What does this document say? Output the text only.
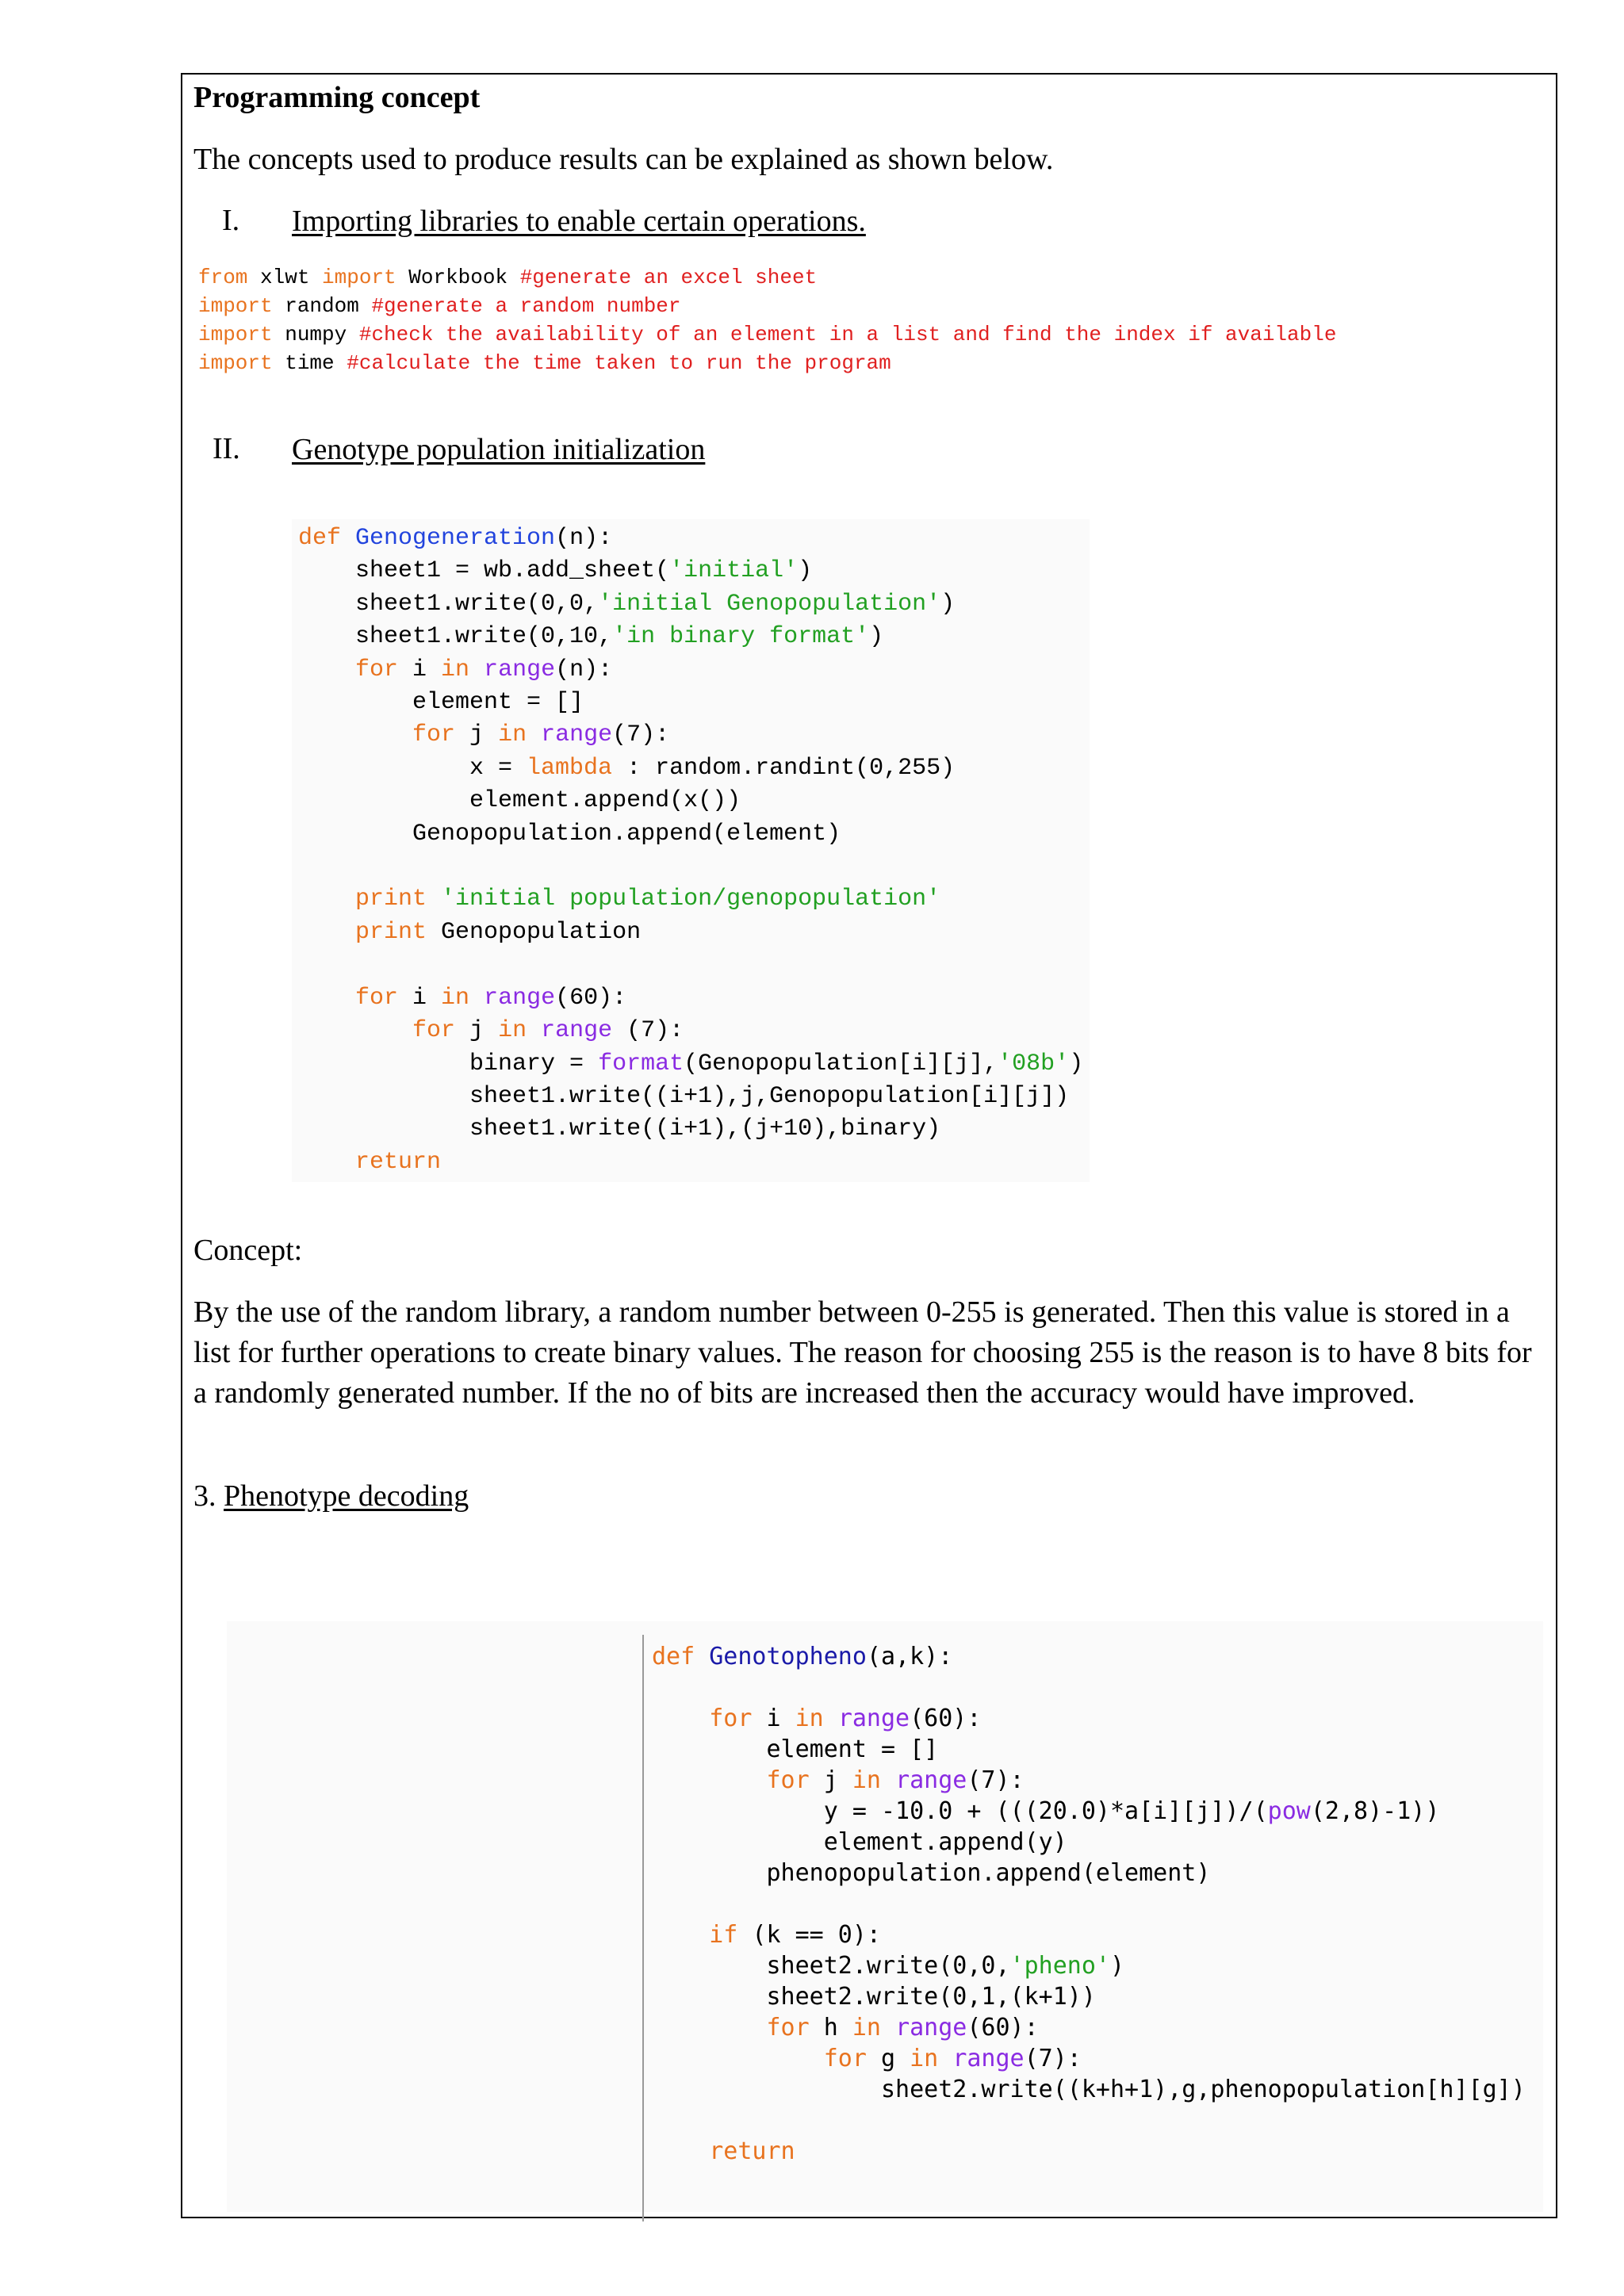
Programming concept
The concepts used to produce results can be explained as shown below.
I. Importing libraries to enable certain operations.
from xlwt import Workbook #generate an excel sheet
import random #generate a random number
import numpy #check the availability of an element in a list and find the index if available
import time #calculate the time taken to run the program
II. Genotype population initialization
def Genogeneration(n):
sheet1 = wb.add_sheet('initial')
sheet1.write(0,0,'initial Genopopulation')
sheet1.write(0,10,'in binary format')
for i in range(n):
element = []
for j in range(7):
x = lambda : random.randint(0,255)
element.append(x())
Genopopulation.append(element)

print 'initial population/genopopulation'
print Genopopulation

for i in range(60):
for j in range (7):
binary = format(Genopopulation[i][j],'08b')
sheet1.write((i+1),j,Genopopulation[i][j])
sheet1.write((i+1),(j+10),binary)
return
Concept:
By the use of the random library, a random number between 0-255 is generated. Then this value is stored in a list for further operations to create binary values. The reason for choosing 255 is the reason is to have 8 bits for a randomly generated number. If the no of bits are increased then the accuracy would have improved.
3. Phenotype decoding
def Genotopheno(a,k):

for i in range(60):
element = []
for j in range(7):
y = -10.0 + (((20.0)*a[i][j])/(pow(2,8)-1))
element.append(y)
phenopopulation.append(element)

if (k == 0):
sheet2.write(0,0,'pheno')
sheet2.write(0,1,(k+1))
for h in range(60):
for g in range(7):
sheet2.write((k+h+1),g,phenopopulation[h][g])

return
